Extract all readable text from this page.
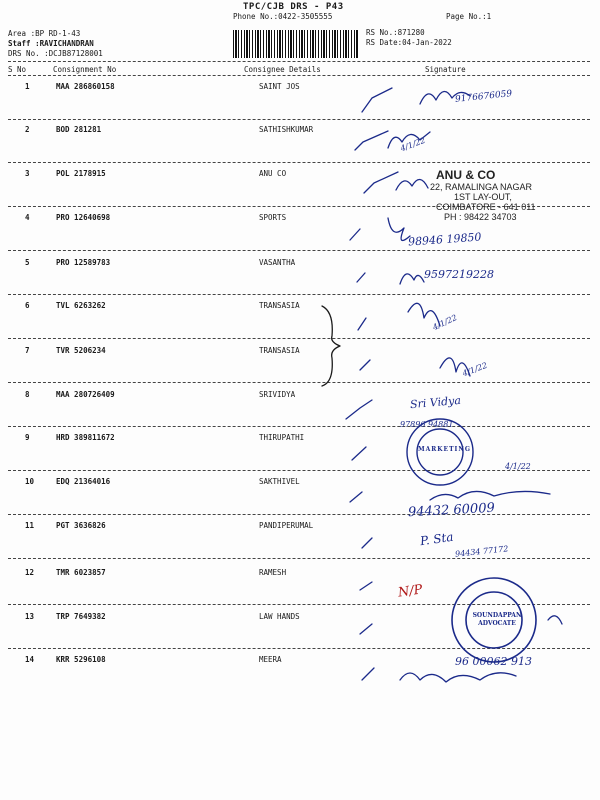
TPC/CJB DRS - P43
Phone No.:0422-3505555	Page No.:1
RS No.:871280
RS Date:04-Jan-2022
Area :BP RD-1-43
Staff :RAVICHANDRAN
DRS No. :DCJB87128001
S No	Consignment No	Consignee Details	Signature
1	MAA 286860158	SAINT JOS
2	BOD 281281	SATHISHKUMAR
3	POL 2178915	ANU CO
4	PRO 12640698	SPORTS
5	PRO 12589783	VASANTHA
6	TVL 6263262	TRANSASIA
7	TVR 5206234	TRANSASIA
8	MAA 280726409	SRIVIDYA
9	HRD 389811672	THIRUPATHI
10	EDQ 21364016	SAKTHIVEL
11	PGT 3636826	PANDIPERUMAL
12	TMR 6023857	RAMESH
13	TRP 7649382	LAW HANDS
14	KRR 5296108	MEERA
ANU & CO
22, RAMALINGA NAGAR
1ST LAY-OUT,
COIMBATORE - 641 011
PH : 98422 34703
9176676059
4/1/22
98946 19850
9597219228
4/1/22
4/1/22
Sri Vidya
97896 94881
4/1/22
94432 60009
P. Sta
94434 77172
N/P
96 00062 913
MARKETING
SOUNDAPPAN ADVOCATE
